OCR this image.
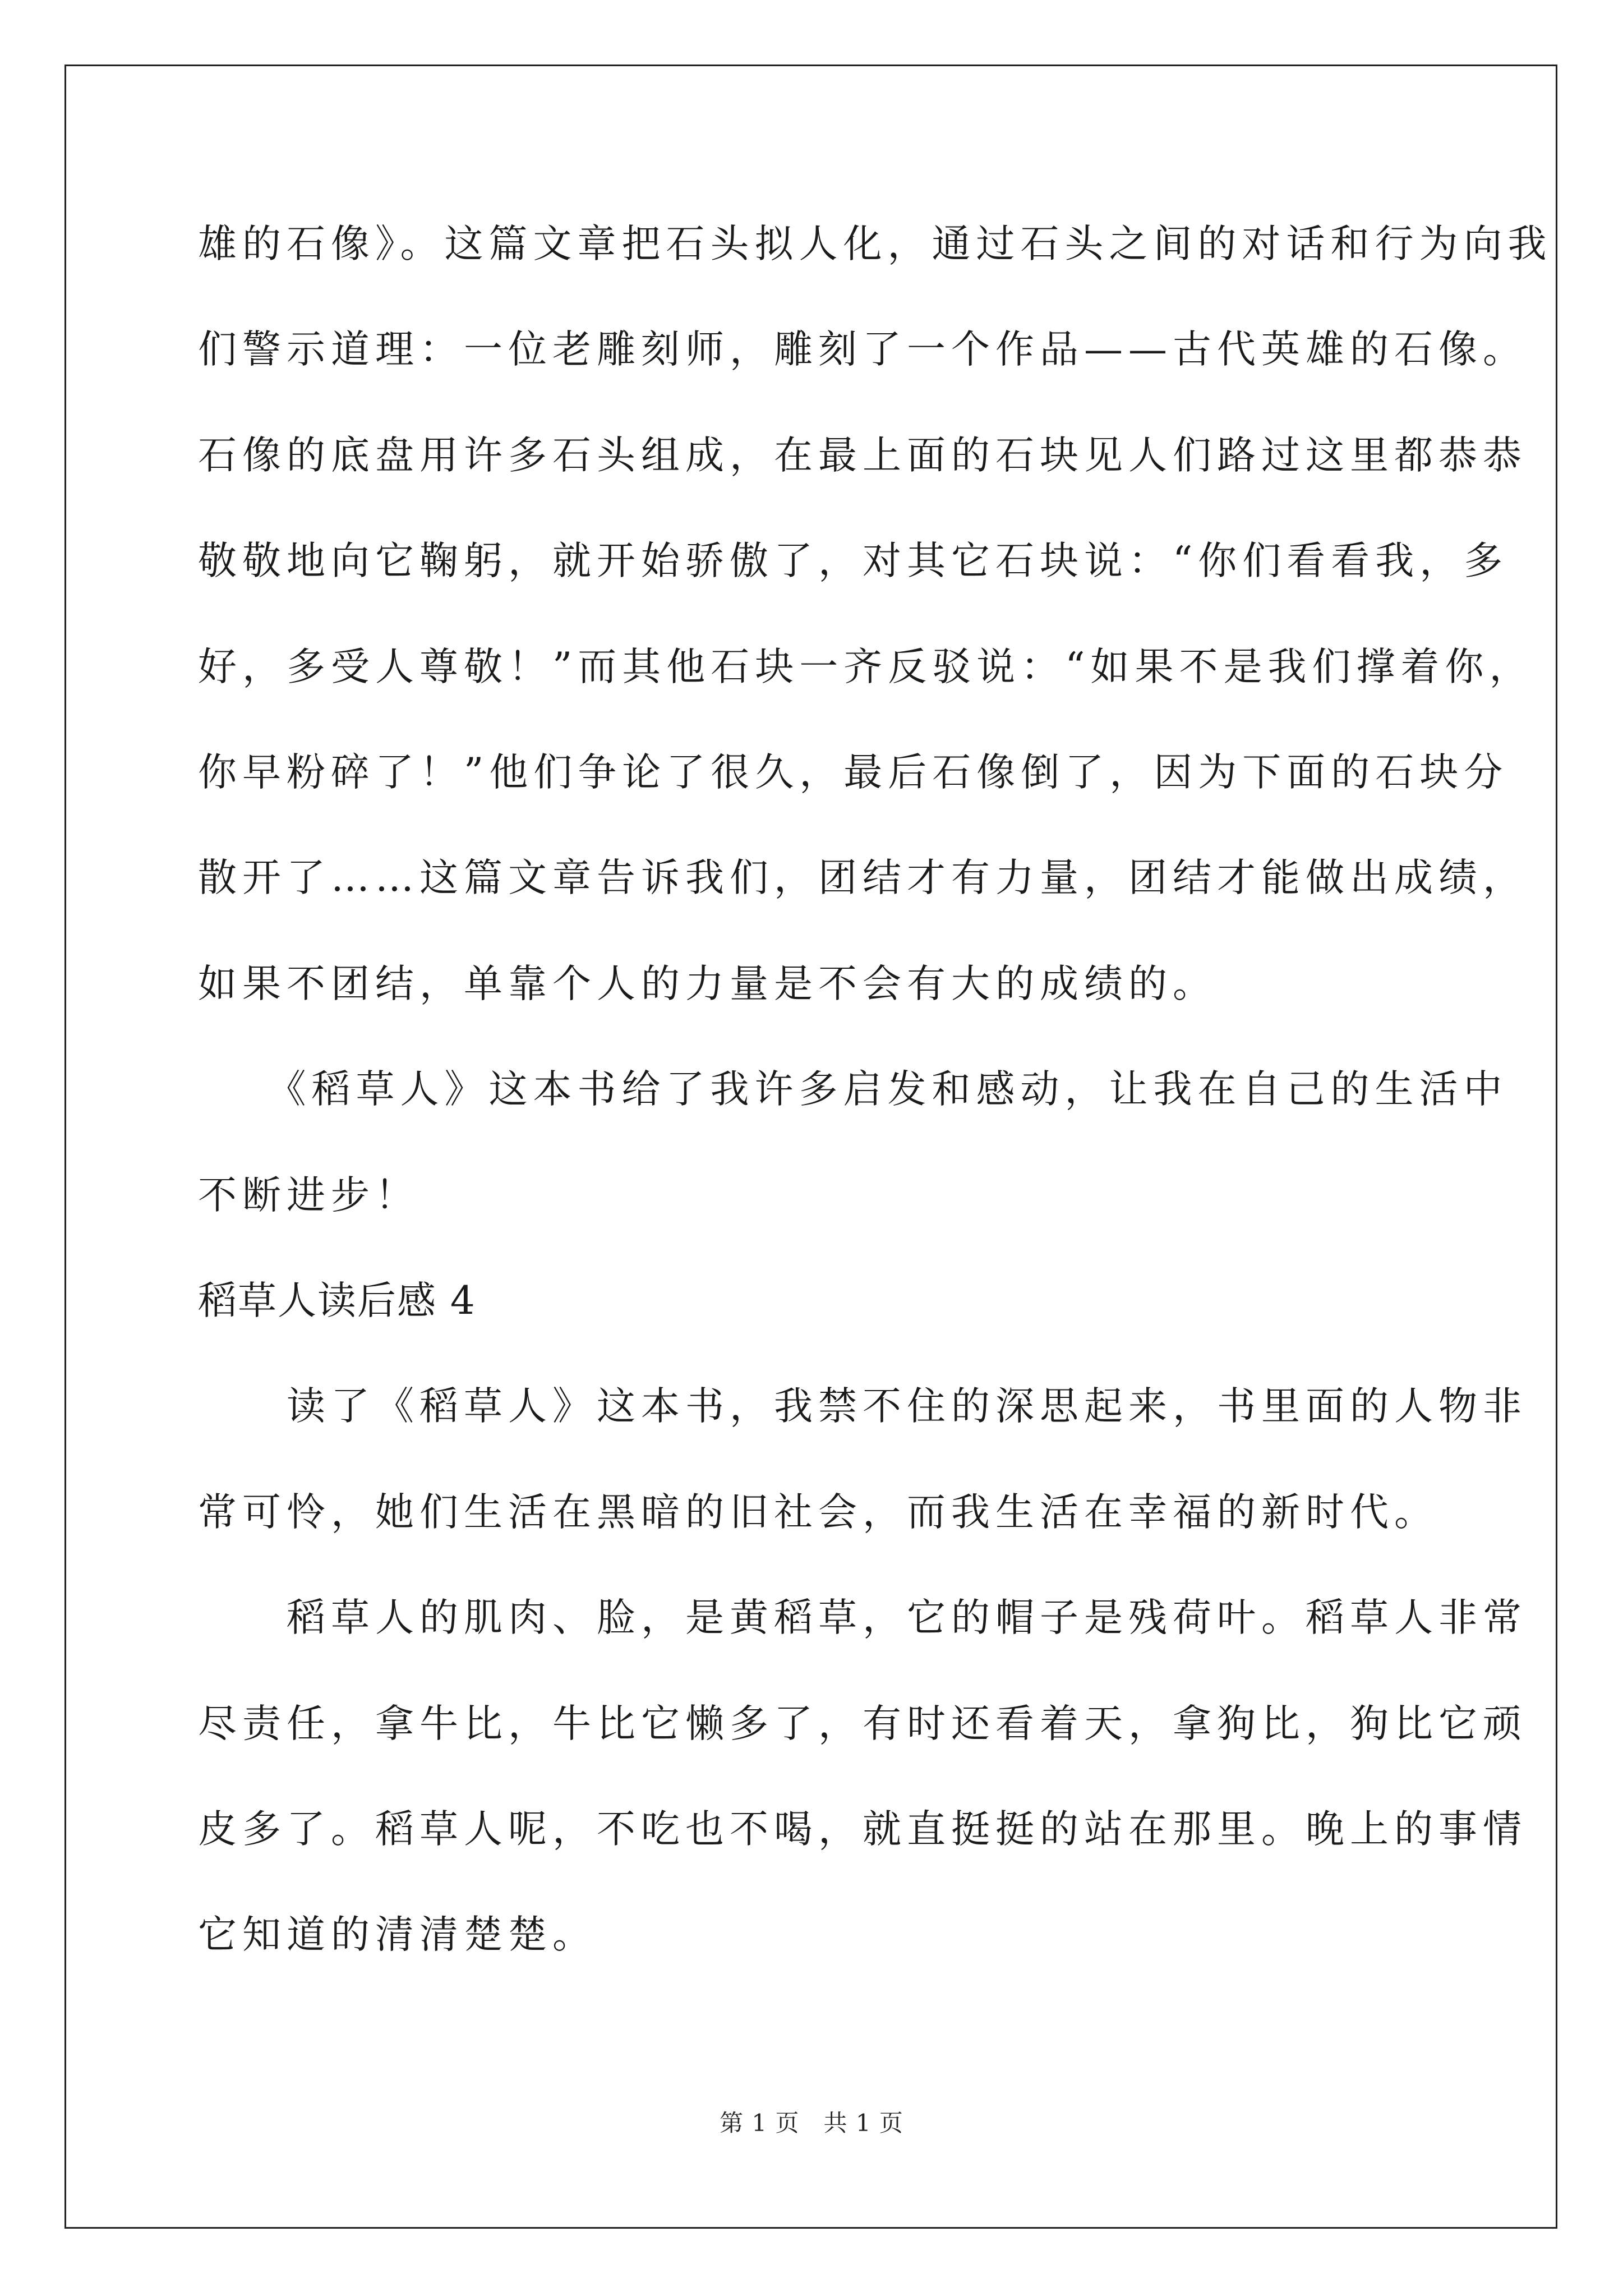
雄的石像》。这篇文章把石头拟人化，通过石头之间的对话和行为向我
们警示道理：一位老雕刻师，雕刻了一个作品——古代英雄的石像。
石像的底盘用许多石头组成，在最上面的石块见人们路过这里都恭恭
敬敬地向它鞠躬，就开始骄傲了，对其它石块说：“你们看看我，多
好，多受人尊敬！”而其他石块一齐反驳说：“如果不是我们撑着你，
你早粉碎了！”他们争论了很久，最后石像倒了，因为下面的石块分
散开了……这篇文章告诉我们，团结才有力量，团结才能做出成绩，
如果不团结，单靠个人的力量是不会有大的成绩的。
　　《稻草人》这本书给了我许多启发和感动，让我在自己的生活中
不断进步！
稻草人读后感 4
　　读了《稻草人》这本书，我禁不住的深思起来，书里面的人物非
常可怜，她们生活在黑暗的旧社会，而我生活在幸福的新时代。
　　稻草人的肌肉、脸，是黄稻草，它的帽子是残荷叶。稻草人非常
尽责任，拿牛比，牛比它懒多了，有时还看着天，拿狗比，狗比它顽
皮多了。稻草人呢，不吃也不喝，就直挺挺的站在那里。晚上的事情
它知道的清清楚楚。
第 1 页　共 1 页
